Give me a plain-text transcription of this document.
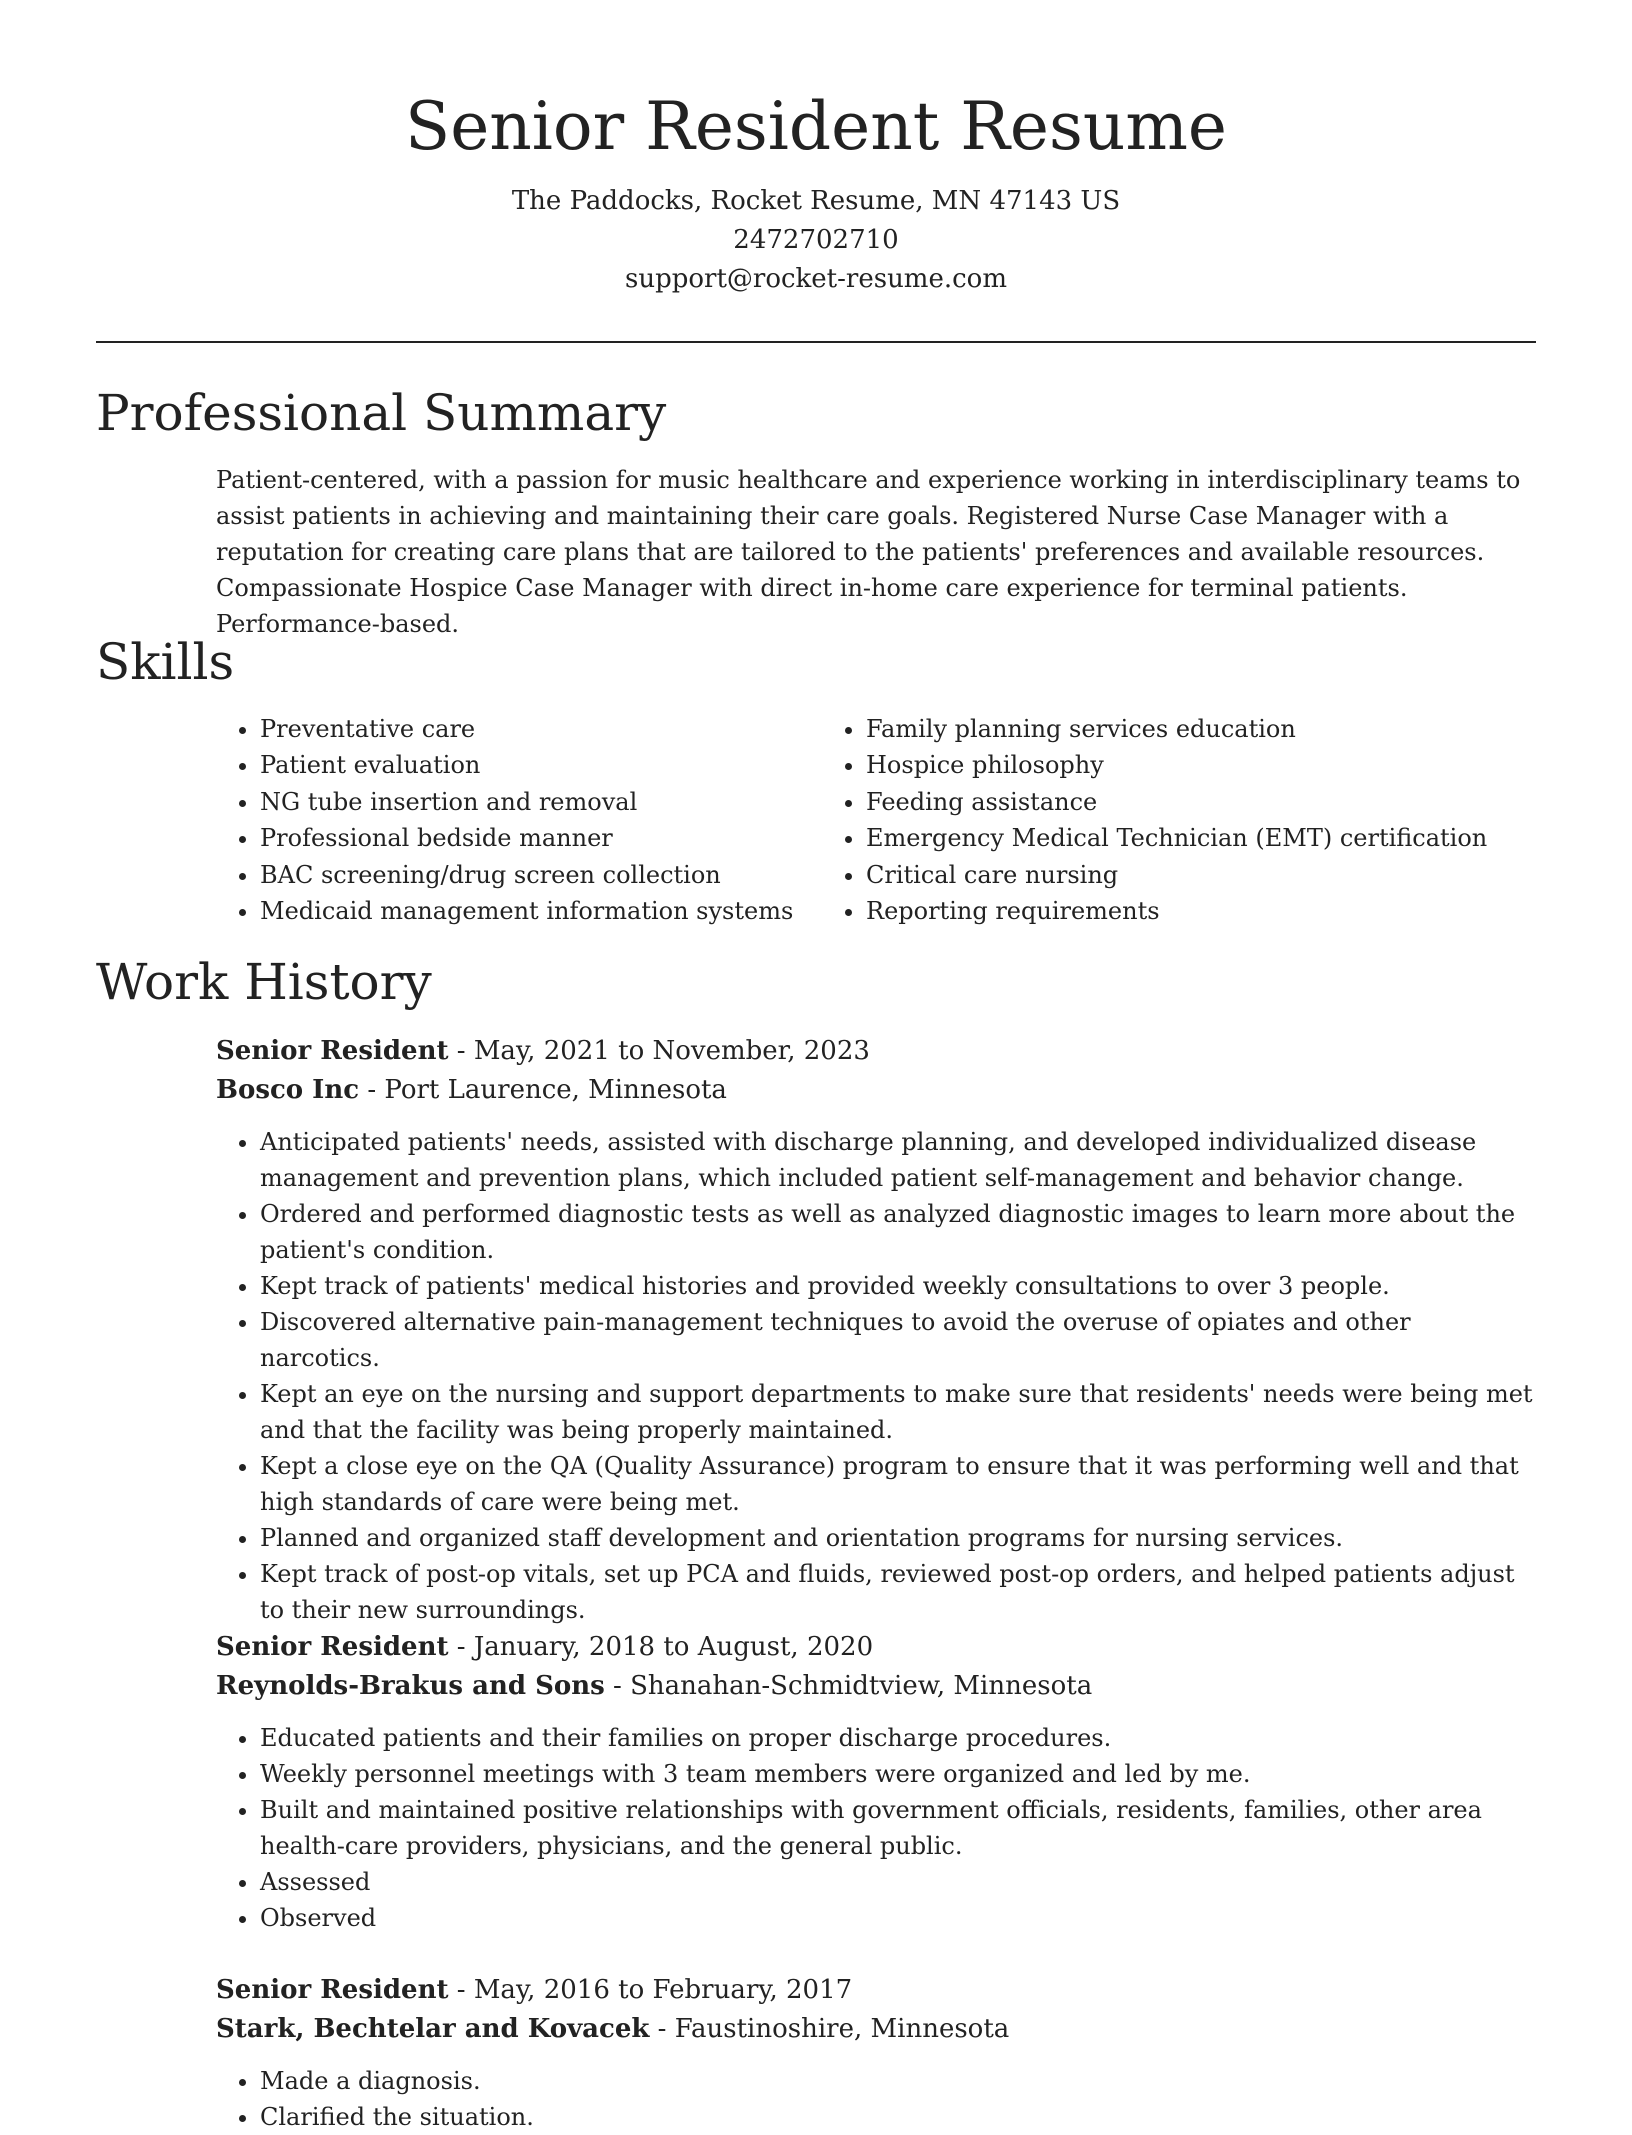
Senior Resident Resume

The Paddocks, Rocket Resume, MN 47143 US

2472702710

support@rocket-resume.com

Professional Summary

Patient-centered, with a passion for music healthcare and experience working in interdisciplinary teams to assist patients in achieving and maintaining their care goals. Registered Nurse Case Manager with a reputation for creating care plans that are tailored to the patients' preferences and available resources. Compassionate Hospice Case Manager with direct in-home care experience for terminal patients. Performance-based.

Skills
• Preventative care
• Patient evaluation
• NG tube insertion and removal
• Professional bedside manner
• BAC screening/drug screen collection
• Medicaid management information systems
• Family planning services education
• Hospice philosophy
• Feeding assistance
• Emergency Medical Technician (EMT) certification
• Critical care nursing
• Reporting requirements
Work History

Senior Resident - May, 2021 to November, 2023

Bosco Inc - Port Laurence, Minnesota

• Anticipated patients' needs, assisted with discharge planning, and developed individualized disease management and prevention plans, which included patient self-management and behavior change.
• Ordered and performed diagnostic tests as well as analyzed diagnostic images to learn more about the patient's condition.
• Kept track of patients' medical histories and provided weekly consultations to over 3 people.
• Discovered alternative pain-management techniques to avoid the overuse of opiates and other narcotics.
• Kept an eye on the nursing and support departments to make sure that residents' needs were being met and that the facility was being properly maintained.
• Kept a close eye on the QA (Quality Assurance) program to ensure that it was performing well and that high standards of care were being met.
• Planned and organized staff development and orientation programs for nursing services.
• Kept track of post-op vitals, set up PCA and fluids, reviewed post-op orders, and helped patients adjust to their new surroundings.

Senior Resident - January, 2018 to August, 2020

Reynolds-Brakus and Sons - Shanahan-Schmidtview, Minnesota

• Educated patients and their families on proper discharge procedures.
• Weekly personnel meetings with 3 team members were organized and led by me.
• Built and maintained positive relationships with government officials, residents, families, other area health-care providers, physicians, and the general public.
• Assessed
• Observed

Senior Resident - May, 2016 to February, 2017

Stark, Bechtelar and Kovacek - Faustinoshire, Minnesota

• Made a diagnosis.
• Clarified the situation.
